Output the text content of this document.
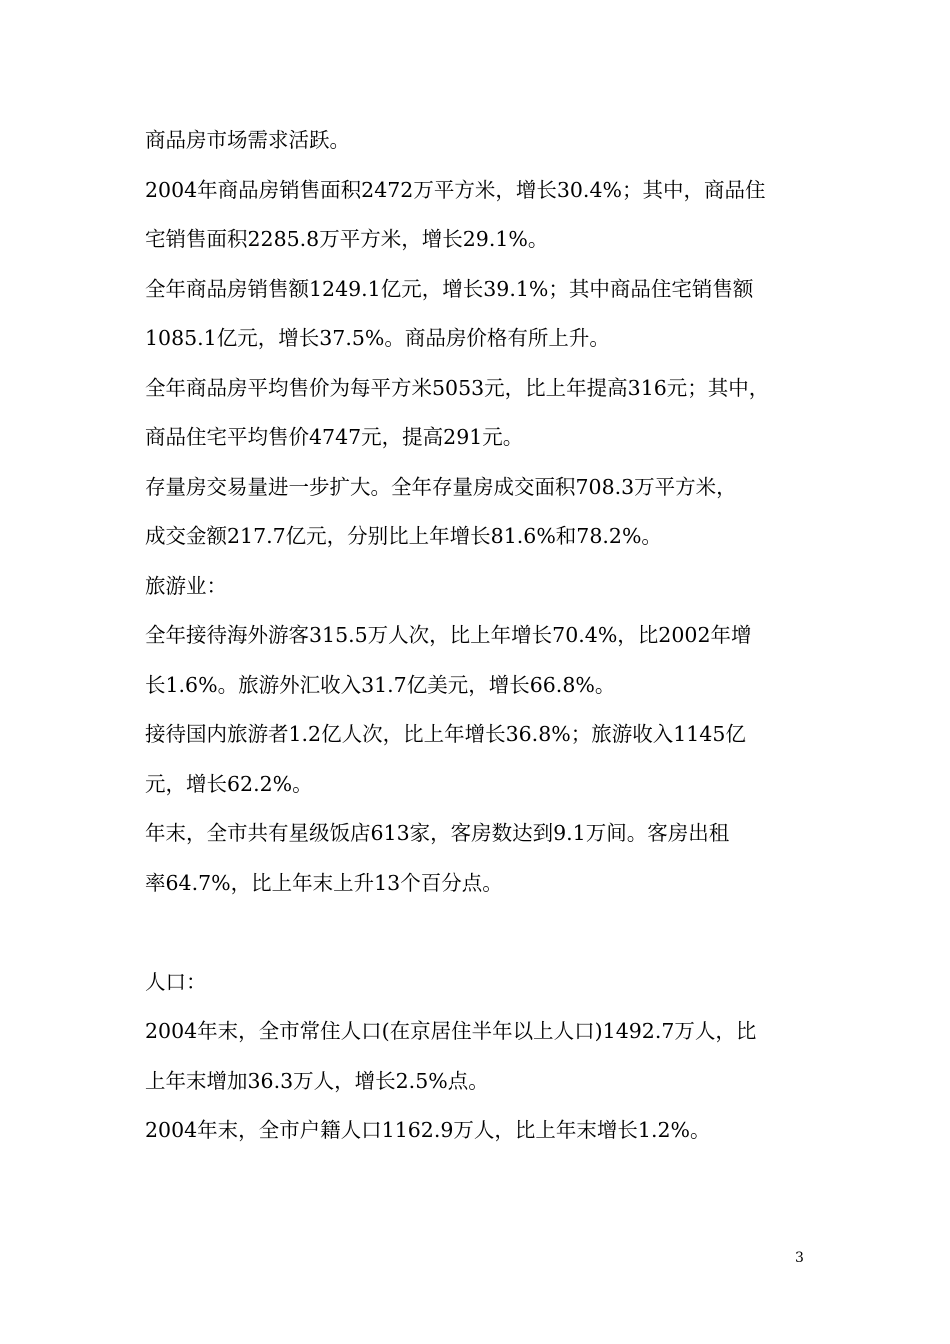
商品房市场需求活跃。
2004年商品房销售面积2472万平方米，增长30.4%；其中，商品住
宅销售面积2285.8万平方米，增长29.1%。
全年商品房销售额1249.1亿元，增长39.1%；其中商品住宅销售额
1085.1亿元，增长37.5%。商品房价格有所上升。
全年商品房平均售价为每平方米5053元，比上年提高316元；其中，
商品住宅平均售价4747元，提高291元。
存量房交易量进一步扩大。全年存量房成交面积708.3万平方米，
成交金额217.7亿元，分别比上年增长81.6%和78.2%。
旅游业：
全年接待海外游客315.5万人次，比上年增长70.4%，比2002年增
长1.6%。旅游外汇收入31.7亿美元，增长66.8%。
接待国内旅游者1.2亿人次，比上年增长36.8%；旅游收入1145亿
元，增长62.2%。
年末，全市共有星级饭店613家，客房数达到9.1万间。客房出租
率64.7%，比上年末上升13个百分点。
人口：
2004年末，全市常住人口(在京居住半年以上人口)1492.7万人，比
上年末增加36.3万人，增长2.5%点。
2004年末，全市户籍人口1162.9万人，比上年末增长1.2%。
3
